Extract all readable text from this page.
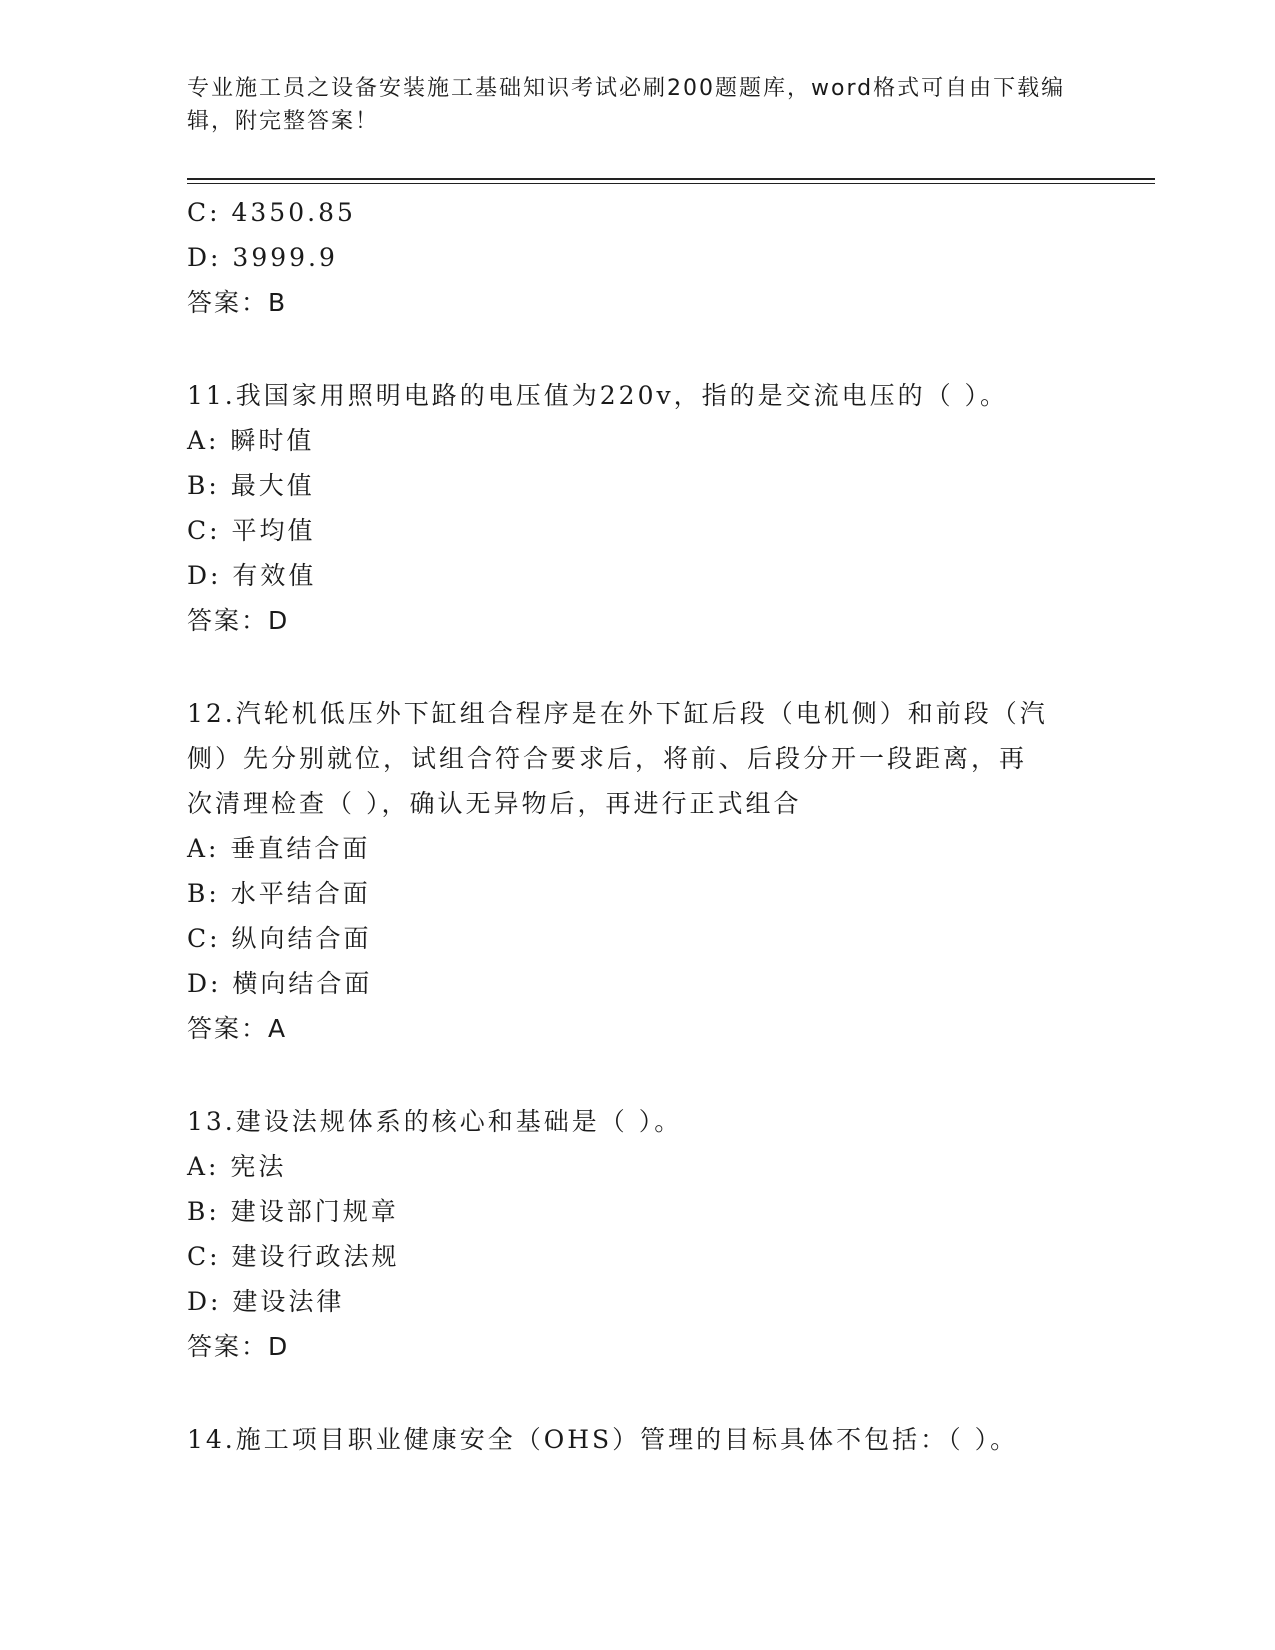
专业施工员之设备安装施工基础知识考试必刷200题题库，word格式可自由下载编辑，附完整答案！
C: 4350.85
D: 3999.9
答案：B
11.我国家用照明电路的电压值为220v，指的是交流电压的（ ）。
A: 瞬时值
B: 最大值
C: 平均值
D: 有效值
答案：D
12.汽轮机低压外下缸组合程序是在外下缸后段（电机侧）和前段（汽
侧）先分别就位，试组合符合要求后，将前、后段分开一段距离，再
次清理检查（ ），确认无异物后，再进行正式组合
A: 垂直结合面
B: 水平结合面
C: 纵向结合面
D: 横向结合面
答案：A
13.建设法规体系的核心和基础是（ ）。
A: 宪法
B: 建设部门规章
C: 建设行政法规
D: 建设法律
答案：D
14.施工项目职业健康安全（OHS）管理的目标具体不包括：（ ）。
